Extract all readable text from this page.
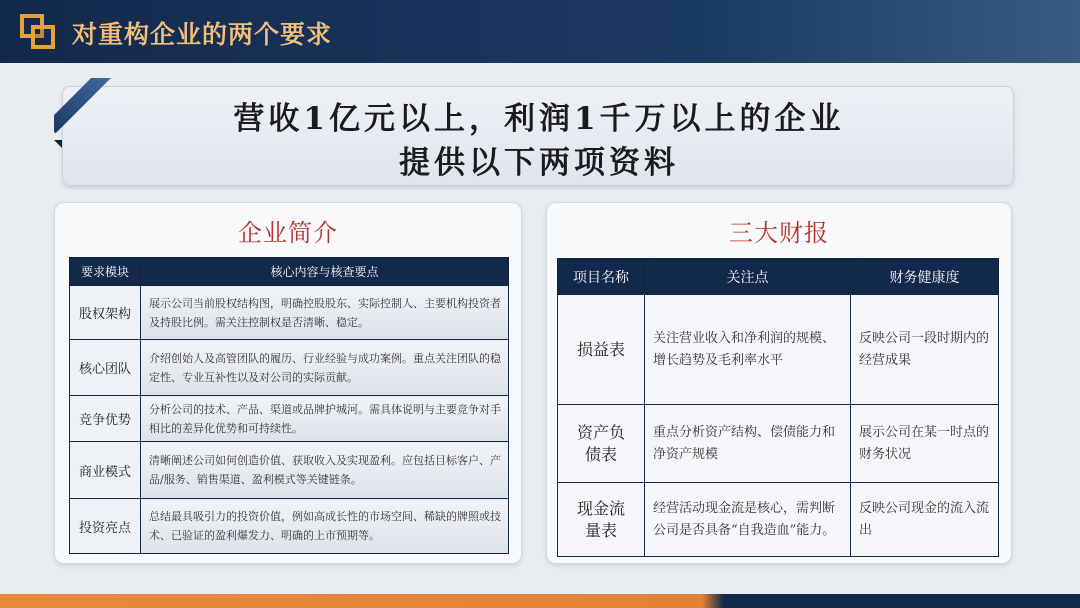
对重构企业的两个要求
营收1亿元以上，利润1千万以上的企业
提供以下两项资料
企业简介
要求模块	核心内容与核查要点
股权架构	展示公司当前股权结构图，明确控股股东、实际控制人、主要机构投资者及持股比例。需关注控制权是否清晰、稳定。
核心团队	介绍创始人及高管团队的履历、行业经验与成功案例。重点关注团队的稳定性、专业互补性以及对公司的实际贡献。
竞争优势	分析公司的技术、产品、渠道或品牌护城河。需具体说明与主要竞争对手相比的差异化优势和可持续性。
商业模式	清晰阐述公司如何创造价值、获取收入及实现盈利。应包括目标客户、产品/服务、销售渠道、盈利模式等关键链条。
投资亮点	总结最具吸引力的投资价值，例如高成长性的市场空间、稀缺的牌照或技术、已验证的盈利爆发力、明确的上市预期等。
三大财报
项目名称	关注点	财务健康度
损益表	关注营业收入和净利润的规模、增长趋势及毛利率水平	反映公司一段时期内的经营成果
资产负债表	重点分析资产结构、偿债能力和净资产规模	展示公司在某一时点的财务状况
现金流量表	经营活动现金流是核心，需判断公司是否具备“自我造血”能力。	反映公司现金的流入流出
